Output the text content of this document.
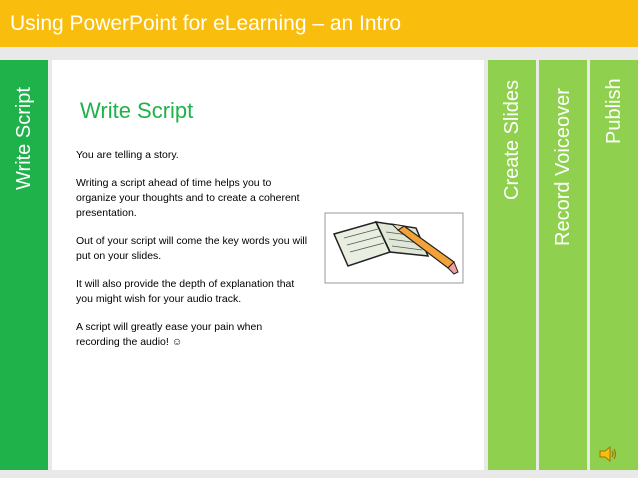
Using PowerPoint for eLearning – an Intro
Write Script Write Script

You are telling a story.

Writing a script ahead of time helps you to organize your thoughts and to create a coherent presentation.

Out of your script will come the key words you will put on your slides.

It will also provide the depth of explanation that you might wish for your audio track.

A script will greatly ease your pain when recording the audio! ☺

Create Slides Record Voiceover Publish
